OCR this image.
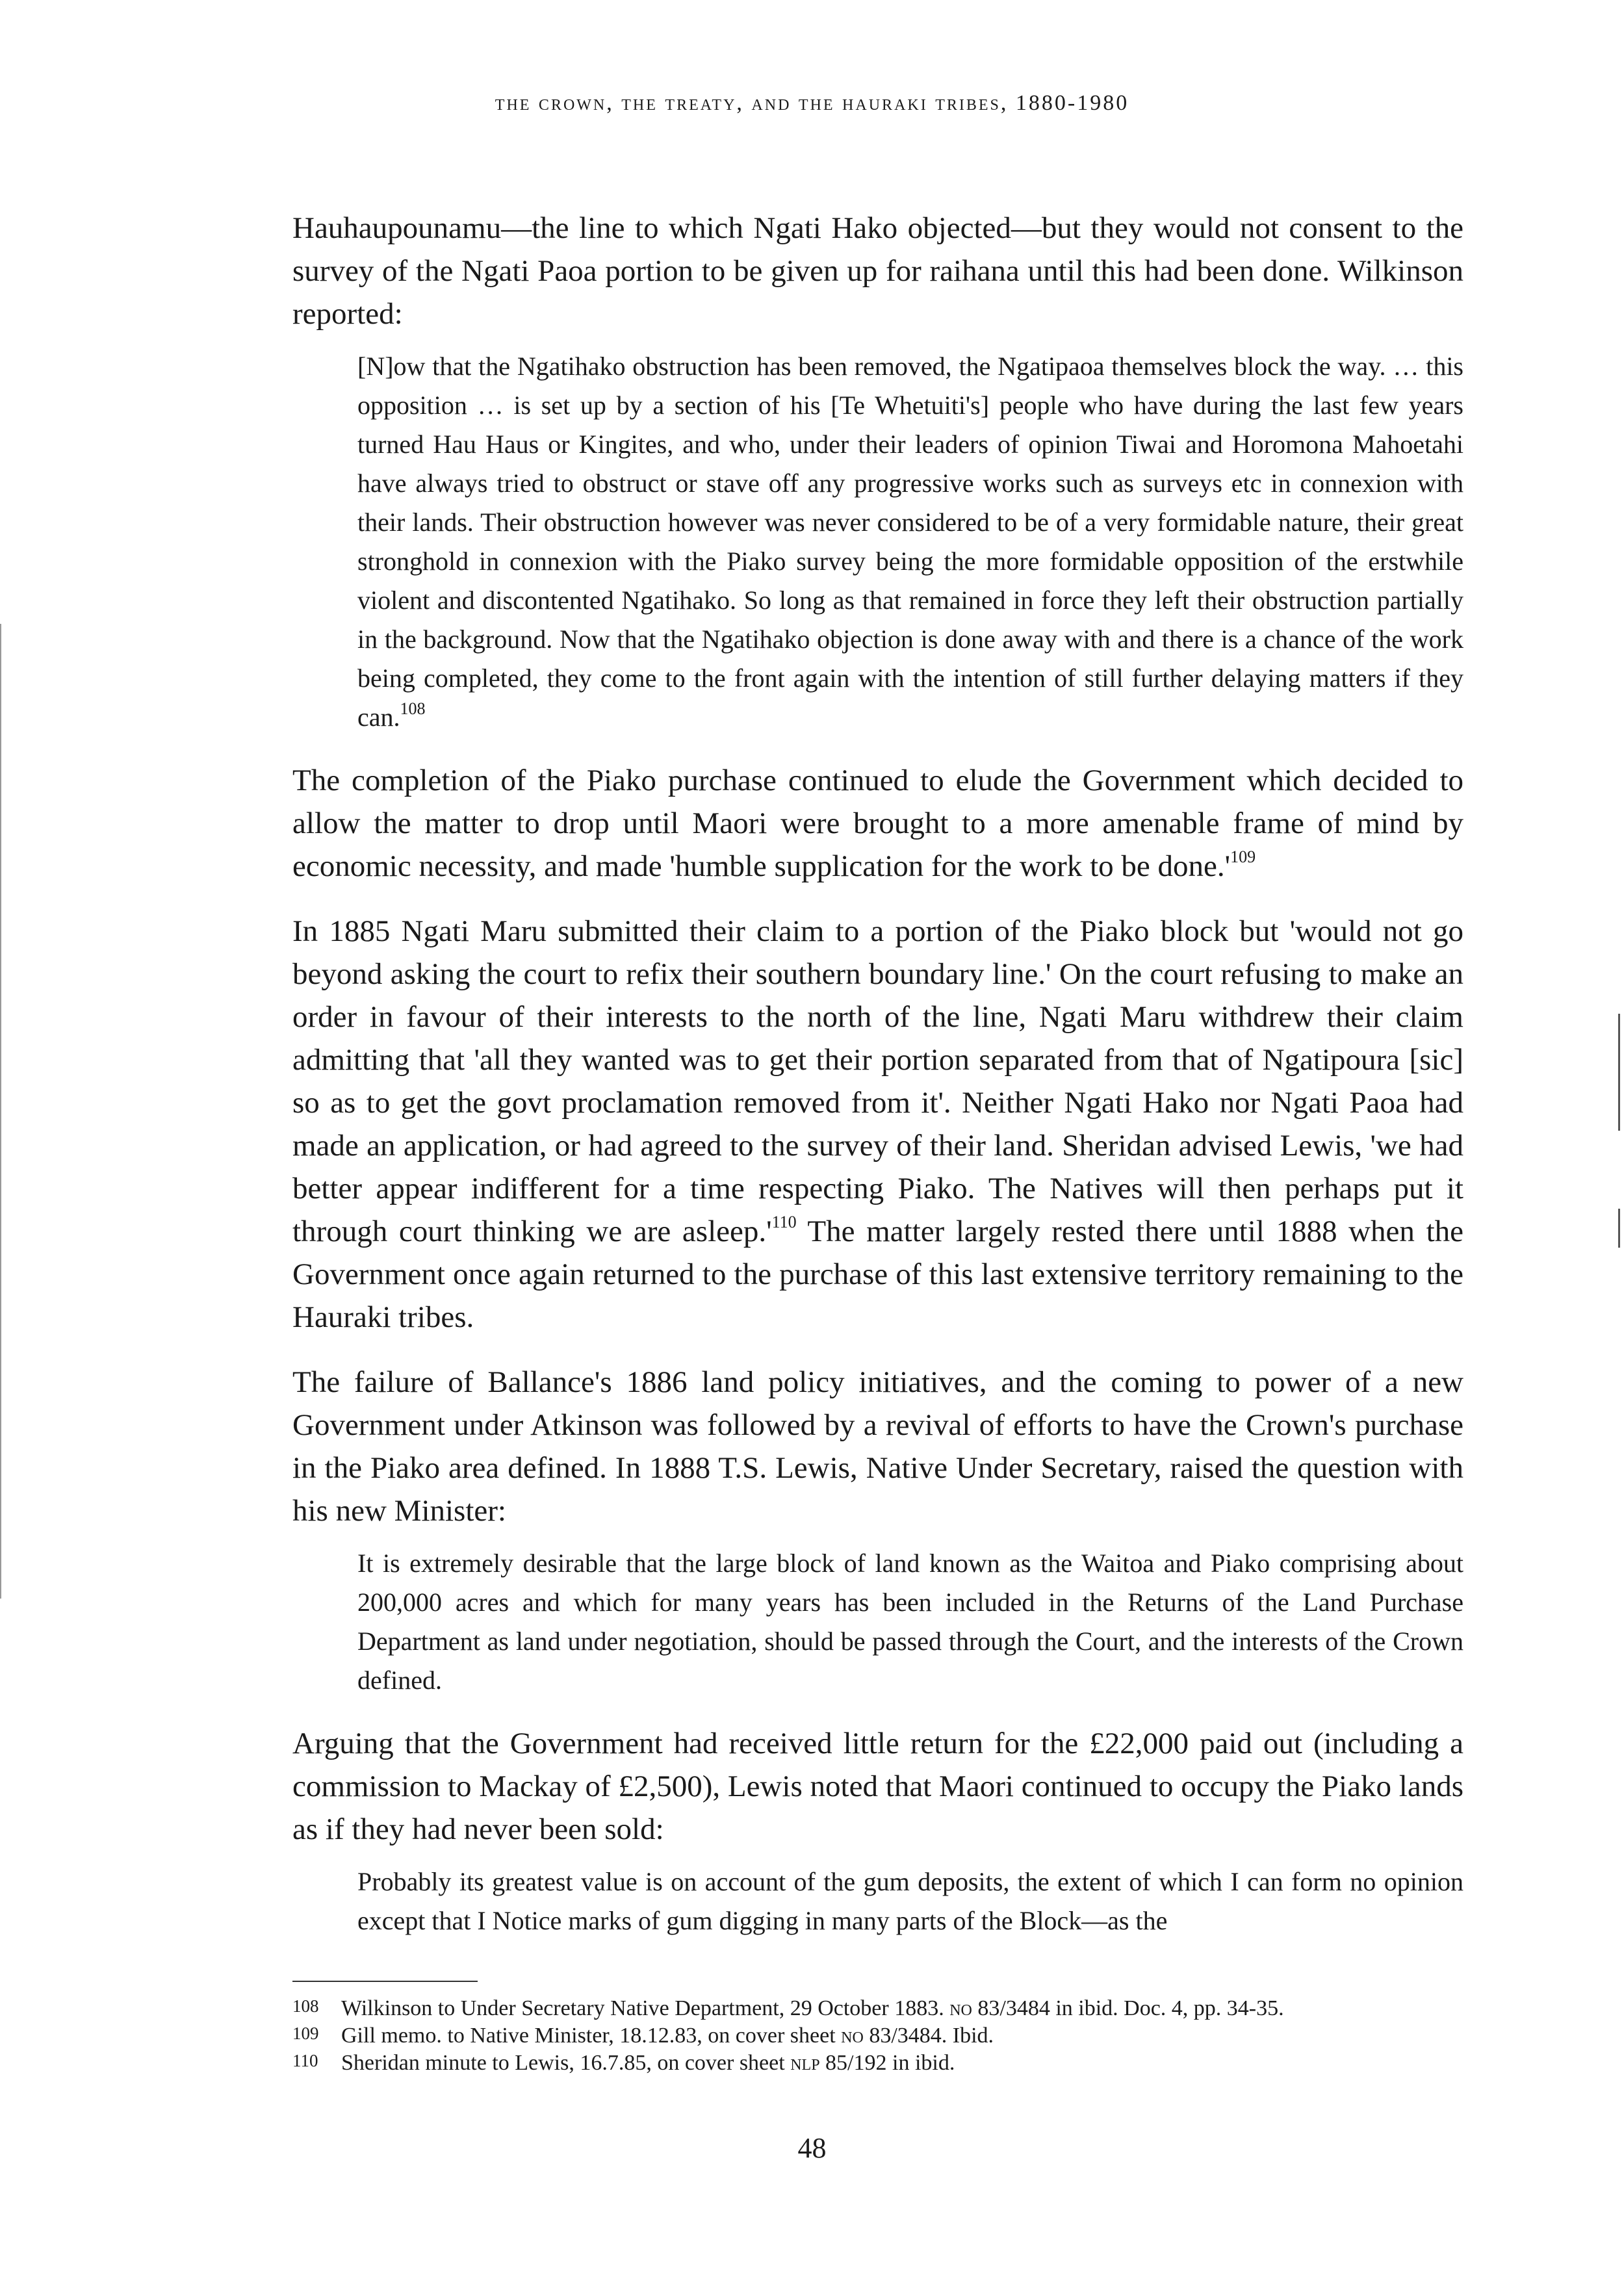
the crown, the treaty, and the hauraki tribes, 1880-1980

Hauhaupounamu—the line to which Ngati Hako objected—but they would not consent to the survey of the Ngati Paoa portion to be given up for raihana until this had been done. Wilkinson reported:

[N]ow that the Ngatihako obstruction has been removed, the Ngatipaoa themselves block the way. … this opposition … is set up by a section of his [Te Whetuiti's] people who have during the last few years turned Hau Haus or Kingites, and who, under their leaders of opinion Tiwai and Horomona Mahoetahi have always tried to obstruct or stave off any progressive works such as surveys etc in connexion with their lands. Their obstruction however was never considered to be of a very formidable nature, their great stronghold in connexion with the Piako survey being the more formidable opposition of the erstwhile violent and discontented Ngatihako. So long as that remained in force they left their obstruction partially in the background. Now that the Ngatihako objection is done away with and there is a chance of the work being completed, they come to the front again with the intention of still further delaying matters if they can.$^{108}$

The completion of the Piako purchase continued to elude the Government which decided to allow the matter to drop until Maori were brought to a more amenable frame of mind by economic necessity, and made 'humble supplication for the work to be $done.'^{109}$

In 1885 Ngati Maru submitted their claim to a portion of the Piako block but 'would not go beyond asking the court to refix their southern boundary line.' On the court refusing to make an order in favour of their interests to the north of the line, Ngati Maru withdrew their claim admitting that 'all they wanted was to get their portion separated from that of Ngatipoura [sic] so as to get the govt proclamation removed from it'. Neither Ngati Hako nor Ngati Paoa had made an application, or had agreed to the survey of their land. Sheridan advised Lewis, 'we had better appear indifferent for a time respecting Piako. The Natives will then perhaps put it through court thinking we are $asleep.'^{110}$ The matter largely rested there until 1888 when the Government once again returned to the purchase of this last extensive territory remaining to the Hauraki tribes.

The failure of Ballance's 1886 land policy initiatives, and the coming to power of a new Government under Atkinson was followed by a revival of efforts to have the Crown's purchase in the Piako area defined. In 1888 T.S. Lewis, Native Under Secretary, raised the question with his new Minister:

It is extremely desirable that the large block of land known as the Waitoa and Piako comprising about 200,000 acres and which for many years has been included in the Returns of the Land Purchase Department as land under negotiation, should be passed through the Court, and the interests of the Crown defined.

Arguing that the Government had received little return for the £22,000 paid out (including a commission to Mackay of £2,500), Lewis noted that Maori continued to occupy the Piako lands as if they had never been sold:

Probably its greatest value is on account of the gum deposits, the extent of which I can form no opinion except that I Notice marks of gum digging in many parts of the Block—as the

108	Wilkinson to Under Secretary Native Department, 29 October 1883. no 83/3484 in ibid. Doc. 4, pp. 34-35.
109	Gill memo. to Native Minister, 18.12.83, on cover sheet no 83/3484. Ibid.
110	Sheridan minute to Lewis, 16.7.85, on cover sheet nlp 85/192 in ibid.
48
